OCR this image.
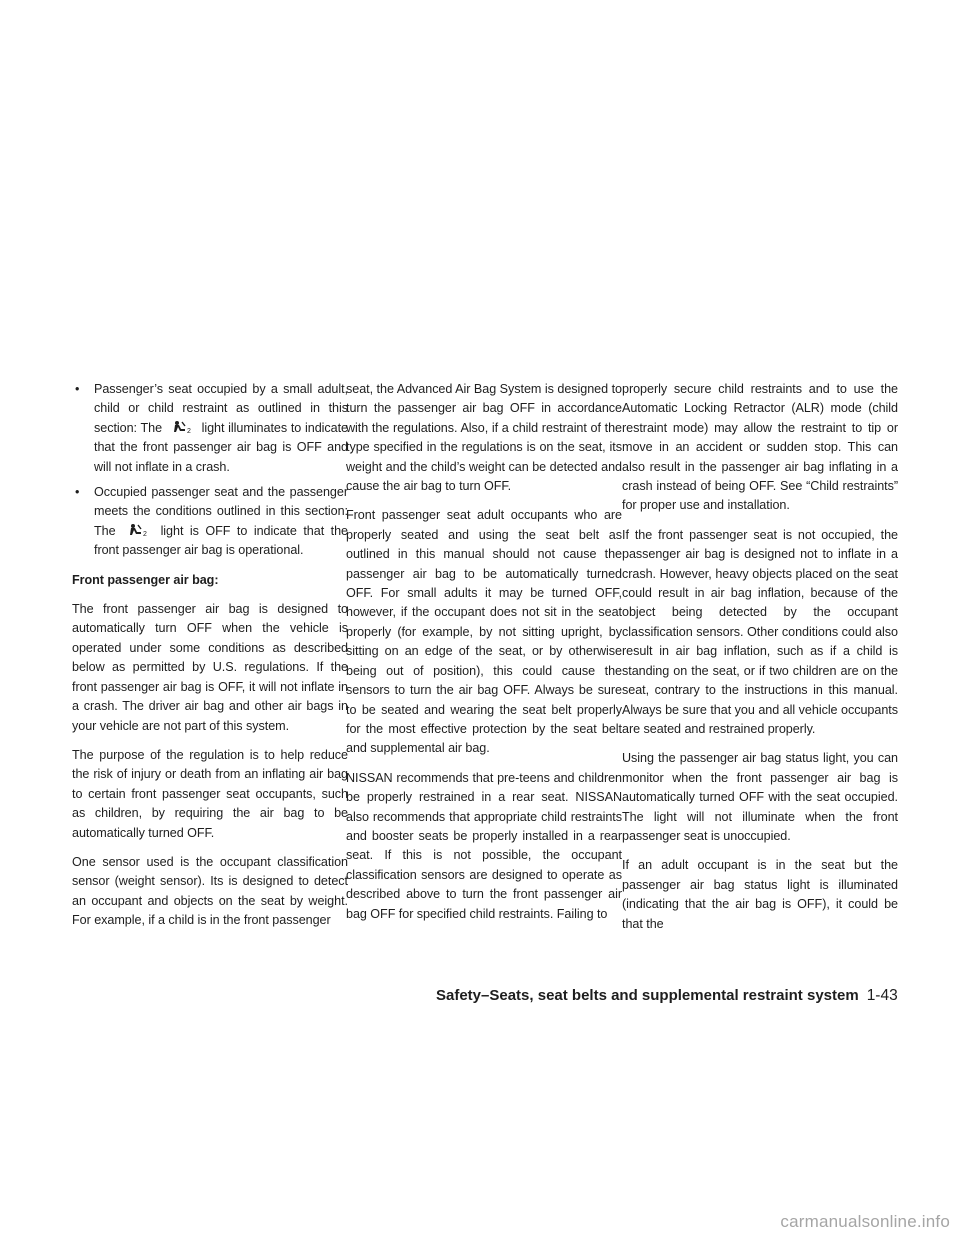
• Passenger’s seat occupied by a small adult, child or child restraint as outlined in this section: The	2 light illuminates to indicate that the front passenger air bag is OFF and will not inflate in a crash.
• Occupied passenger seat and the passenger meets the conditions outlined in this section: The	2 light is OFF to indicate that the front passenger air bag is operational.

Front passenger air bag:

The front passenger air bag is designed to automatically turn OFF when the vehicle is operated under some conditions as described below as permitted by U.S. regulations. If the front passenger air bag is OFF, it will not inflate in a crash. The driver air bag and other air bags in your vehicle are not part of this system.

The purpose of the regulation is to help reduce the risk of injury or death from an inflating air bag to certain front passenger seat occupants, such as children, by requiring the air bag to be automatically turned OFF.

One sensor used is the occupant classification sensor (weight sensor). Its is designed to detect an occupant and objects on the seat by weight. For example, if a child is in the front passenger

seat, the Advanced Air Bag System is designed to turn the passenger air bag OFF in accordance with the regulations. Also, if a child restraint of the type specified in the regulations is on the seat, its weight and the child’s weight can be detected and cause the air bag to turn OFF.

Front passenger seat adult occupants who are properly seated and using the seat belt as outlined in this manual should not cause the passenger air bag to be automatically turned OFF. For small adults it may be turned OFF, however, if the occupant does not sit in the seat properly (for example, by not sitting upright, by sitting on an edge of the seat, or by otherwise being out of position), this could cause the sensors to turn the air bag OFF. Always be sure to be seated and wearing the seat belt properly for the most effective protection by the seat belt and supplemental air bag.

NISSAN recommends that pre-teens and children be properly restrained in a rear seat. NISSAN also recommends that appropriate child restraints and booster seats be properly installed in a rear seat. If this is not possible, the occupant classification sensors are designed to operate as described above to turn the front passenger air bag OFF for specified child restraints. Failing to

properly secure child restraints and to use the Automatic Locking Retractor (ALR) mode (child restraint mode) may allow the restraint to tip or move in an accident or sudden stop. This can also result in the passenger air bag inflating in a crash instead of being OFF. See “Child restraints” for proper use and installation.

If the front passenger seat is not occupied, the passenger air bag is designed not to inflate in a crash. However, heavy objects placed on the seat could result in air bag inflation, because of the object being detected by the occupant classification sensors. Other conditions could also result in air bag inflation, such as if a child is standing on the seat, or if two children are on the seat, contrary to the instructions in this manual. Always be sure that you and all vehicle occupants are seated and restrained properly.

Using the passenger air bag status light, you can monitor when the front passenger air bag is automatically turned OFF with the seat occupied. The light will not illuminate when the front passenger seat is unoccupied.

If an adult occupant is in the seat but the passenger air bag status light is illuminated (indicating that the air bag is OFF), it could be that the

Safety–Seats, seat belts and supplemental restraint system 1-43
carmanualsonline.info
